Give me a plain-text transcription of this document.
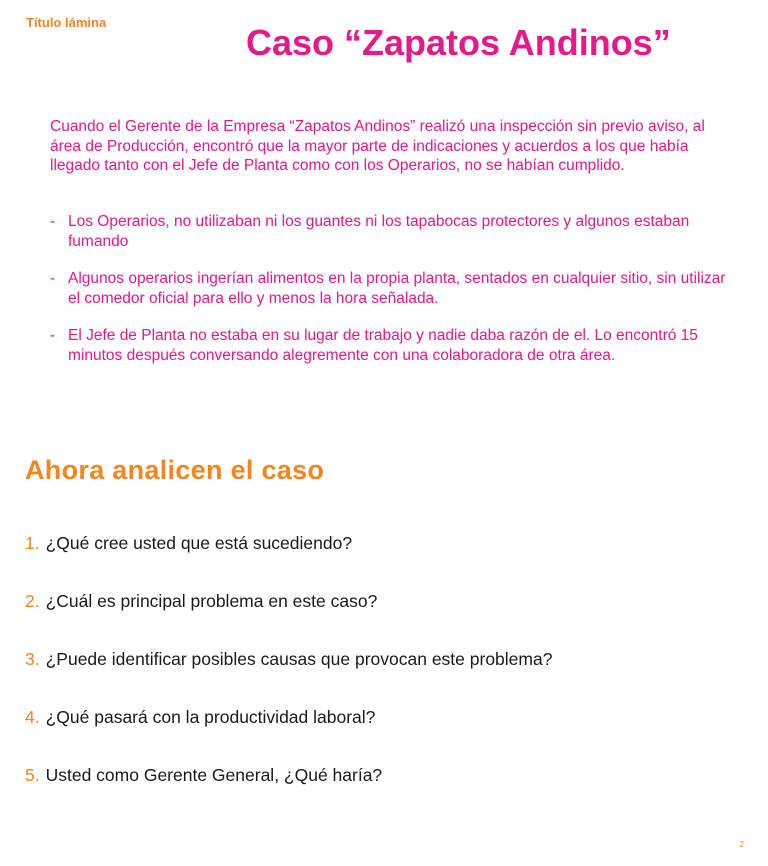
Título lámina	Caso “Zapatos Andinos”

Cuando el Gerente de la Empresa “Zapatos Andinos” realizó una inspección sin previo aviso, al área de Producción, encontró que la mayor parte de indicaciones y acuerdos a los que había llegado tanto con el Jefe de Planta como con los Operarios, no se habían cumplido.

- Los Operarios, no utilizaban ni los guantes ni los tapabocas protectores y algunos estaban fumando
- Algunos operarios ingerían alimentos en la propia planta, sentados en cualquier sitio, sin utilizar el comedor oficial para ello y menos la hora señalada.
- El Jefe de Planta no estaba en su lugar de trabajo y nadie daba razón de el. Lo encontró 15 minutos después conversando alegremente con una colaboradora de otra área.
Ahora analicen el caso
1. ¿Qué cree usted que está sucediendo?
2. ¿Cuál es principal problema en este caso?
3. ¿Puede identificar posibles causas que provocan este problema?
4. ¿Qué pasará con la productividad laboral?
5. Usted como Gerente General, ¿Qué haría?
2
